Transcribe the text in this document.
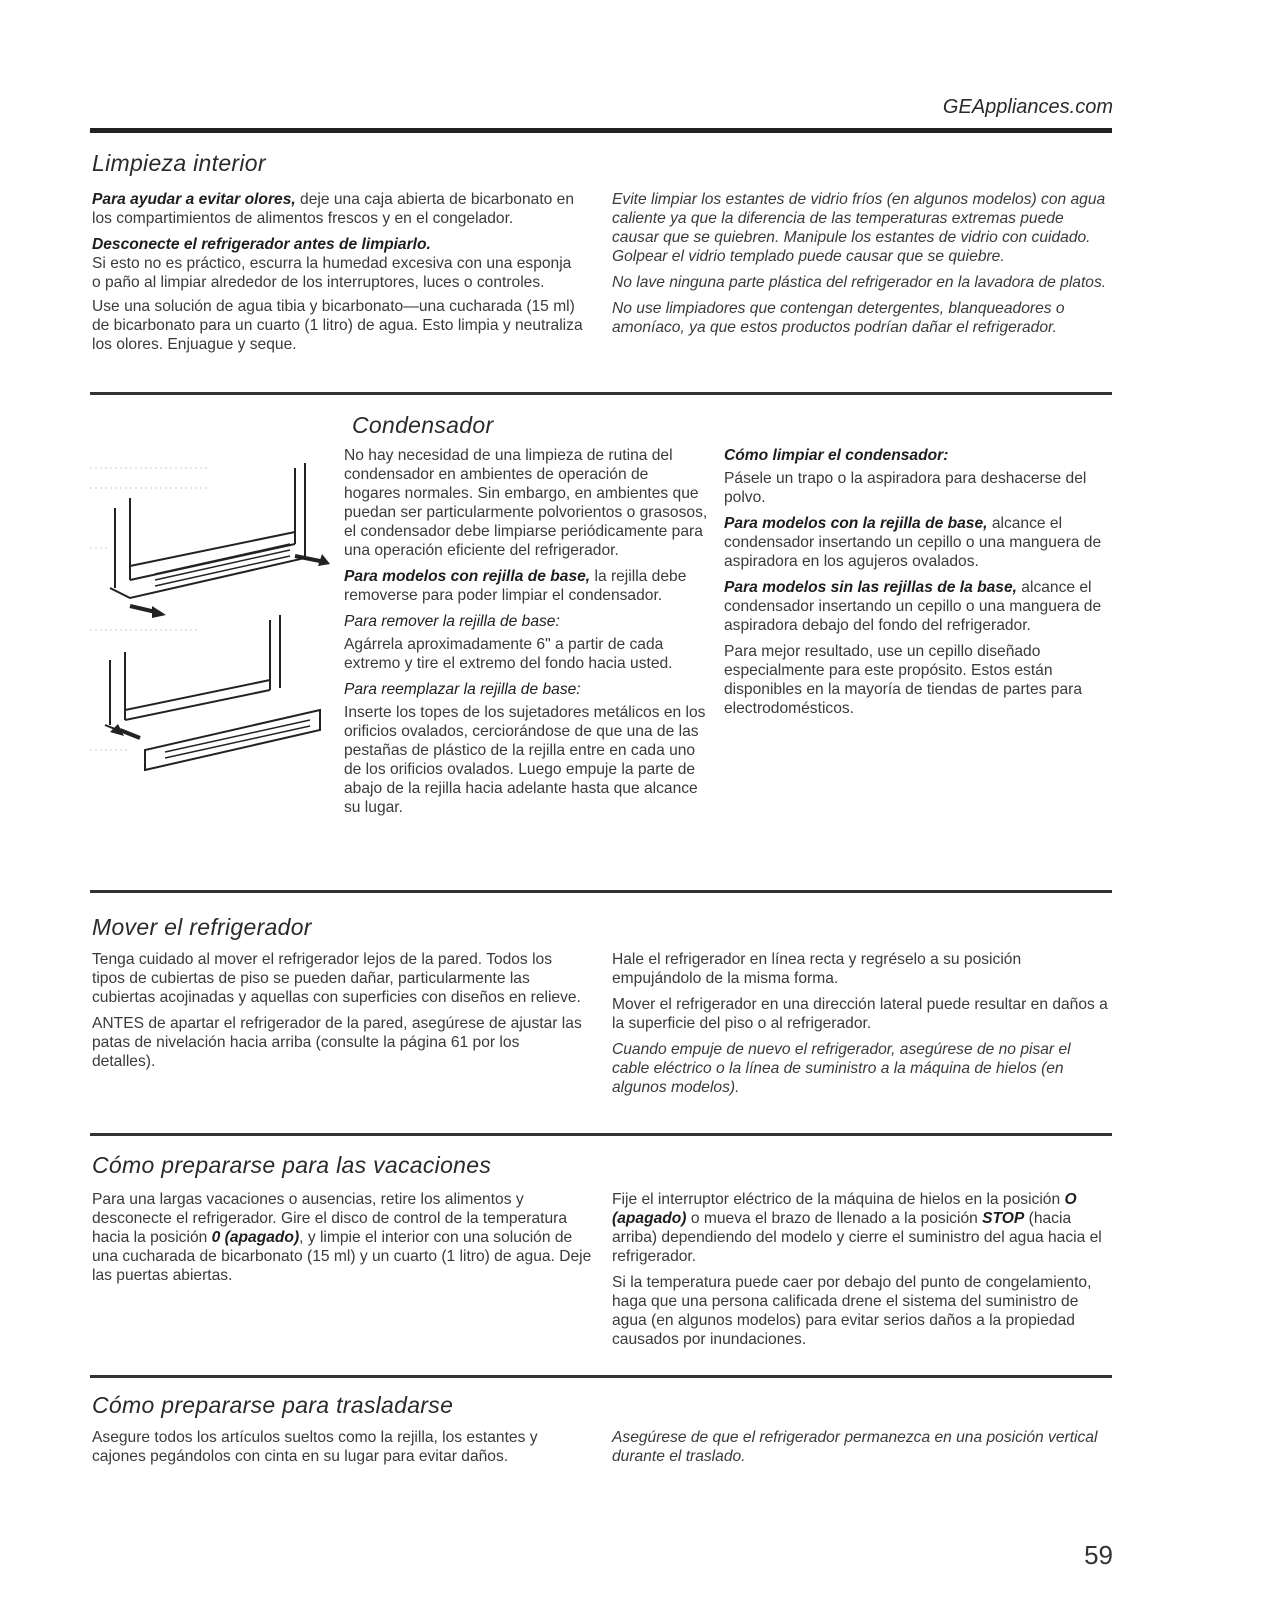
GEAppliances.com
Limpieza interior

Para ayudar a evitar olores, deje una caja abierta de bicarbonato en los compartimientos de alimentos frescos y en el congelador.

Desconecte el refrigerador antes de limpiarlo.
Si esto no es práctico, escurra la humedad excesiva con una esponja o paño al limpiar alrededor de los interruptores, luces o controles.

Use una solución de agua tibia y bicarbonato—una cucharada (15 ml) de bicarbonato para un cuarto (1 litro) de agua. Esto limpia y neutraliza los olores. Enjuague y seque.

Evite limpiar los estantes de vidrio fríos (en algunos modelos) con agua caliente ya que la diferencia de las temperaturas extremas puede causar que se quiebren. Manipule los estantes de vidrio con cuidado. Golpear el vidrio templado puede causar que se quiebre.

No lave ninguna parte plástica del refrigerador en la lavadora de platos.

No use limpiadores que contengan detergentes, blanqueadores o amoníaco, ya que estos productos podrían dañar el refrigerador.

Condensador

No hay necesidad de una limpieza de rutina del condensador en ambientes de operación de hogares normales. Sin embargo, en ambientes que puedan ser particularmente polvorientos o grasosos, el condensador debe limpiarse periódicamente para una operación eficiente del refrigerador.

Para modelos con rejilla de base, la rejilla debe removerse para poder limpiar el condensador.

Para remover la rejilla de base:

Agárrela aproximadamente 6" a partir de cada extremo y tire el extremo del fondo hacia usted.

Para reemplazar la rejilla de base:

Inserte los topes de los sujetadores metálicos en los orificios ovalados, cerciorándose de que una de las pestañas de plástico de la rejilla entre en cada uno de los orificios ovalados. Luego empuje la parte de abajo de la rejilla hacia adelante hasta que alcance su lugar.

Cómo limpiar el condensador:

Pásele un trapo o la aspiradora para deshacerse del polvo.

Para modelos con la rejilla de base, alcance el condensador insertando un cepillo o una manguera de aspiradora en los agujeros ovalados.

Para modelos sin las rejillas de la base, alcance el condensador insertando un cepillo o una manguera de aspiradora debajo del fondo del refrigerador.

Para mejor resultado, use un cepillo diseñado especialmente para este propósito. Estos están disponibles en la mayoría de tiendas de partes para electrodomésticos.

Mover el refrigerador

Tenga cuidado al mover el refrigerador lejos de la pared. Todos los tipos de cubiertas de piso se pueden dañar, particularmente las cubiertas acojinadas y aquellas con superficies con diseños en relieve.

ANTES de apartar el refrigerador de la pared, asegúrese de ajustar las patas de nivelación hacia arriba (consulte la página 61 por los detalles).

Hale el refrigerador en línea recta y regréselo a su posición empujándolo de la misma forma.

Mover el refrigerador en una dirección lateral puede resultar en daños a la superficie del piso o al refrigerador.

Cuando empuje de nuevo el refrigerador, asegúrese de no pisar el cable eléctrico o la línea de suministro a la máquina de hielos (en algunos modelos).

Cómo prepararse para las vacaciones

Para una largas vacaciones o ausencias, retire los alimentos y desconecte el refrigerador. Gire el disco de control de la temperatura hacia la posición 0 (apagado), y limpie el interior con una solución de una cucharada de bicarbonato (15 ml) y un cuarto (1 litro) de agua. Deje las puertas abiertas.

Fije el interruptor eléctrico de la máquina de hielos en la posición O (apagado) o mueva el brazo de llenado a la posición STOP (hacia arriba) dependiendo del modelo y cierre el suministro del agua hacia el refrigerador.

Si la temperatura puede caer por debajo del punto de congelamiento, haga que una persona calificada drene el sistema del suministro de agua (en algunos modelos) para evitar serios daños a la propiedad causados por inundaciones.

Cómo prepararse para trasladarse

Asegure todos los artículos sueltos como la rejilla, los estantes y cajones pegándolos con cinta en su lugar para evitar daños.

Asegúrese de que el refrigerador permanezca en una posición vertical durante el traslado.

59
